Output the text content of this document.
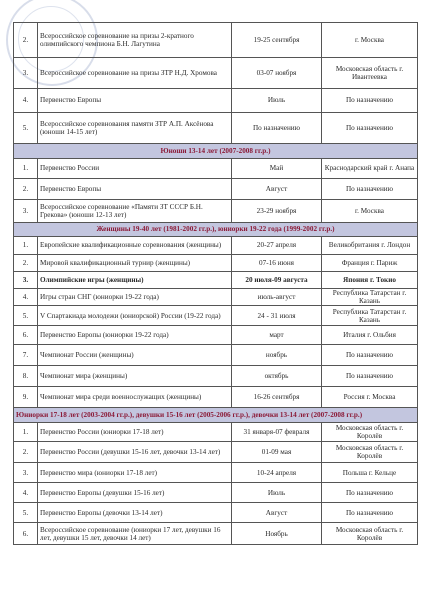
2.	Всероссийское соревнование на призы 2-кратного олимпийского чемпиона Б.Н. Лагутина	19-25 сентября	г. Москва
3.	Всероссийское соревнование на призы ЗТР Н.Д. Хромова	03-07 ноября	Московская область г. Ивантеевка
4.	Первенство Европы	Июль	По назначению
5.	Всероссийское соревнования памяти ЗТР А.П. Аксёнова (юноши 14-15 лет)	По назначению	По назначению
Юноши 13-14 лет (2007-2008 гг.р.)			
1.	Первенство России	Май	Краснодарский край г. Анапа
2.	Первенство Европы	Август	По назначению
3.	Всероссийское соревнование «Памяти ЗТ СССР Б.Н. Грекова» (юноши 12-13 лет)	23-29 ноября	г. Москва
Женщины 19-40 лет (1981-2002 гг.р.), юниорки 19-22 года (1999-2002 гг.р.)			
1.	Европейские квалификационные соревнования (женщины)	20-27 апреля	Великобритания г. Лондон
2.	Мировой квалификационный турнир (женщины)	07-16 июня	Франция г. Париж
3.	Олимпийские игры (женщины)	20 июля-09 августа	Япония г. Токио
4.	Игры стран СНГ (юниорки 19-22 года)	июль-август	Республика Татарстан г. Казань
5.	V Спартакиада молодежи (юниорской) России (19-22 года)	24 - 31 июля	Республика Татарстан г. Казань
6.	Первенство Европы (юниорки 19-22 года)	март	Италия г. Ольбия
7.	Чемпионат России (женщины)	ноябрь	По назначению
8.	Чемпионат мира (женщины)	октябрь	По назначению
9.	Чемпионат мира среди военнослужащих (женщины)	16-26 сентября	Россия г. Москва
Юниорки 17-18 лет (2003-2004 гг.р.), девушки 15-16 лет (2005-2006 гг.р.), девочки 13-14 лет (2007-2008 гг.р.)			
1.	Первенство России (юниорки 17-18 лет)	31 января-07 февраля	Московская область г. Королёв
2.	Первенство России (девушки 15-16 лет, девочки 13-14 лет)	01-09 мая	Московская область г. Королёв
3.	Первенство мира (юниорки 17-18 лет)	10-24 апреля	Польша г. Кельце
4.	Первенство Европы (девушки 15-16 лет)	Июль	По назначению
5.	Первенство Европы (девочки 13-14 лет)	Август	По назначению
6.	Всероссийское соревнование (юниорки 17 лет, девушки 16 лет, девушки 15 лет, девочки 14 лет)	Ноябрь	Московская область г. Королёв
